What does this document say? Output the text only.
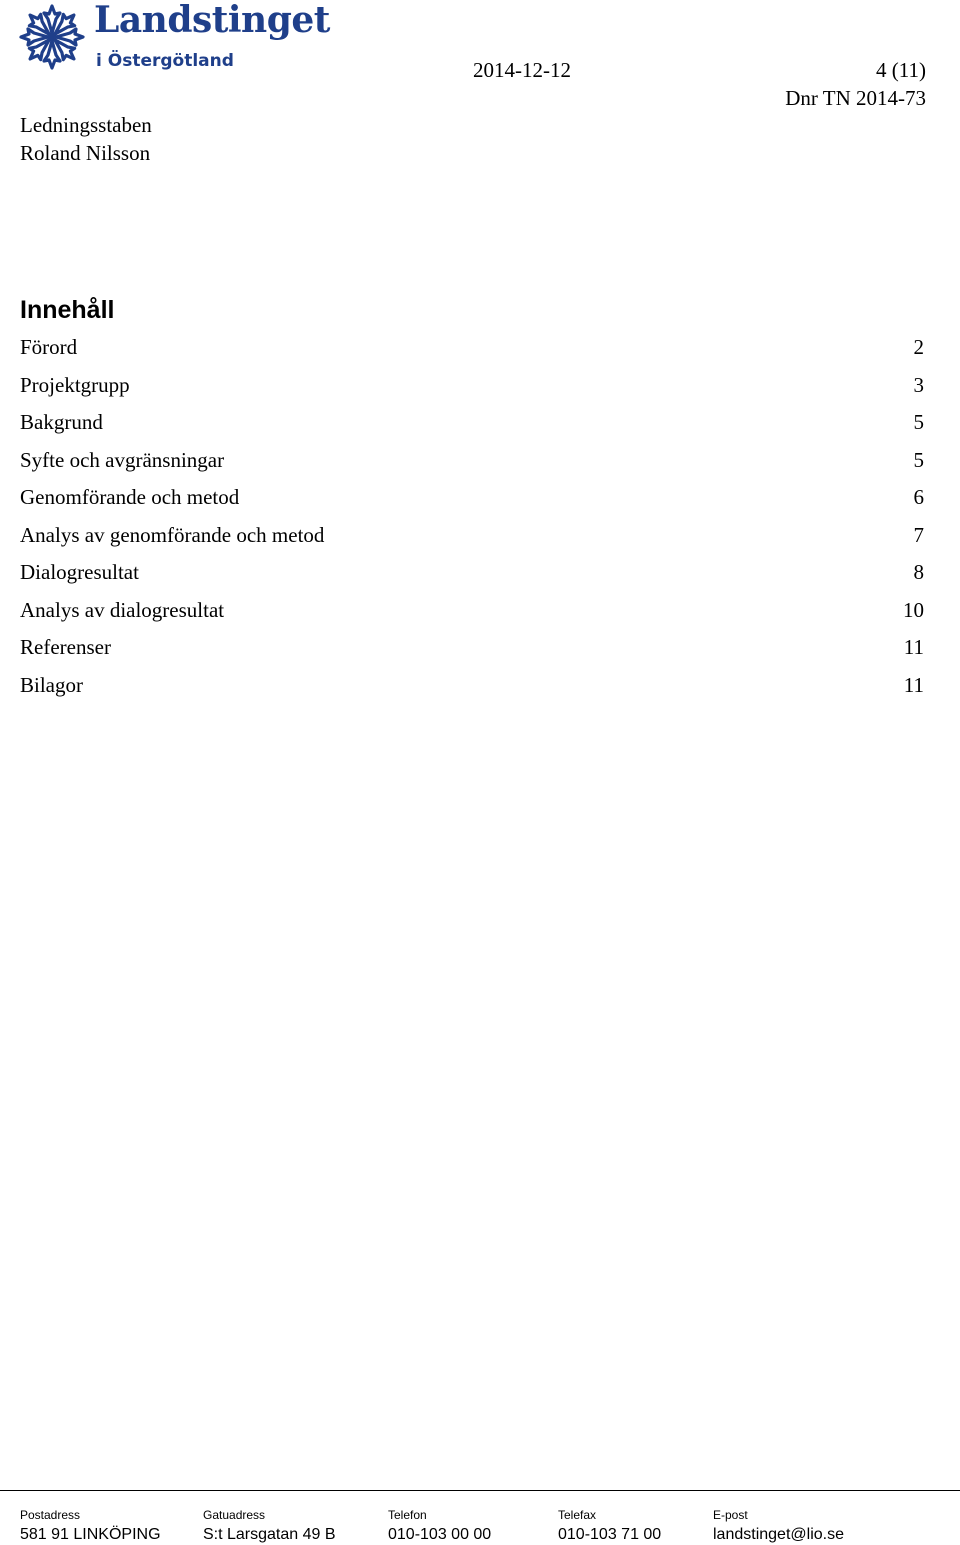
Landstinget
i Östergötland
Ledningsstaben
Roland Nilsson
2014-12-12	4 (11)
Dnr TN 2014-73
Innehåll
Förord	2
Projektgrupp	3
Bakgrund	5
Syfte och avgränsningar	5
Genomförande och metod	6
Analys av genomförande och metod	7
Dialogresultat	8
Analys av dialogresultat	10
Referenser	11
Bilagor	11
Postadress
581 91 LINKÖPING
Gatuadress
S:t Larsgatan 49 B
Telefon
010-103 00 00
Telefax
010-103 71 00
E-post
landstinget@lio.se
